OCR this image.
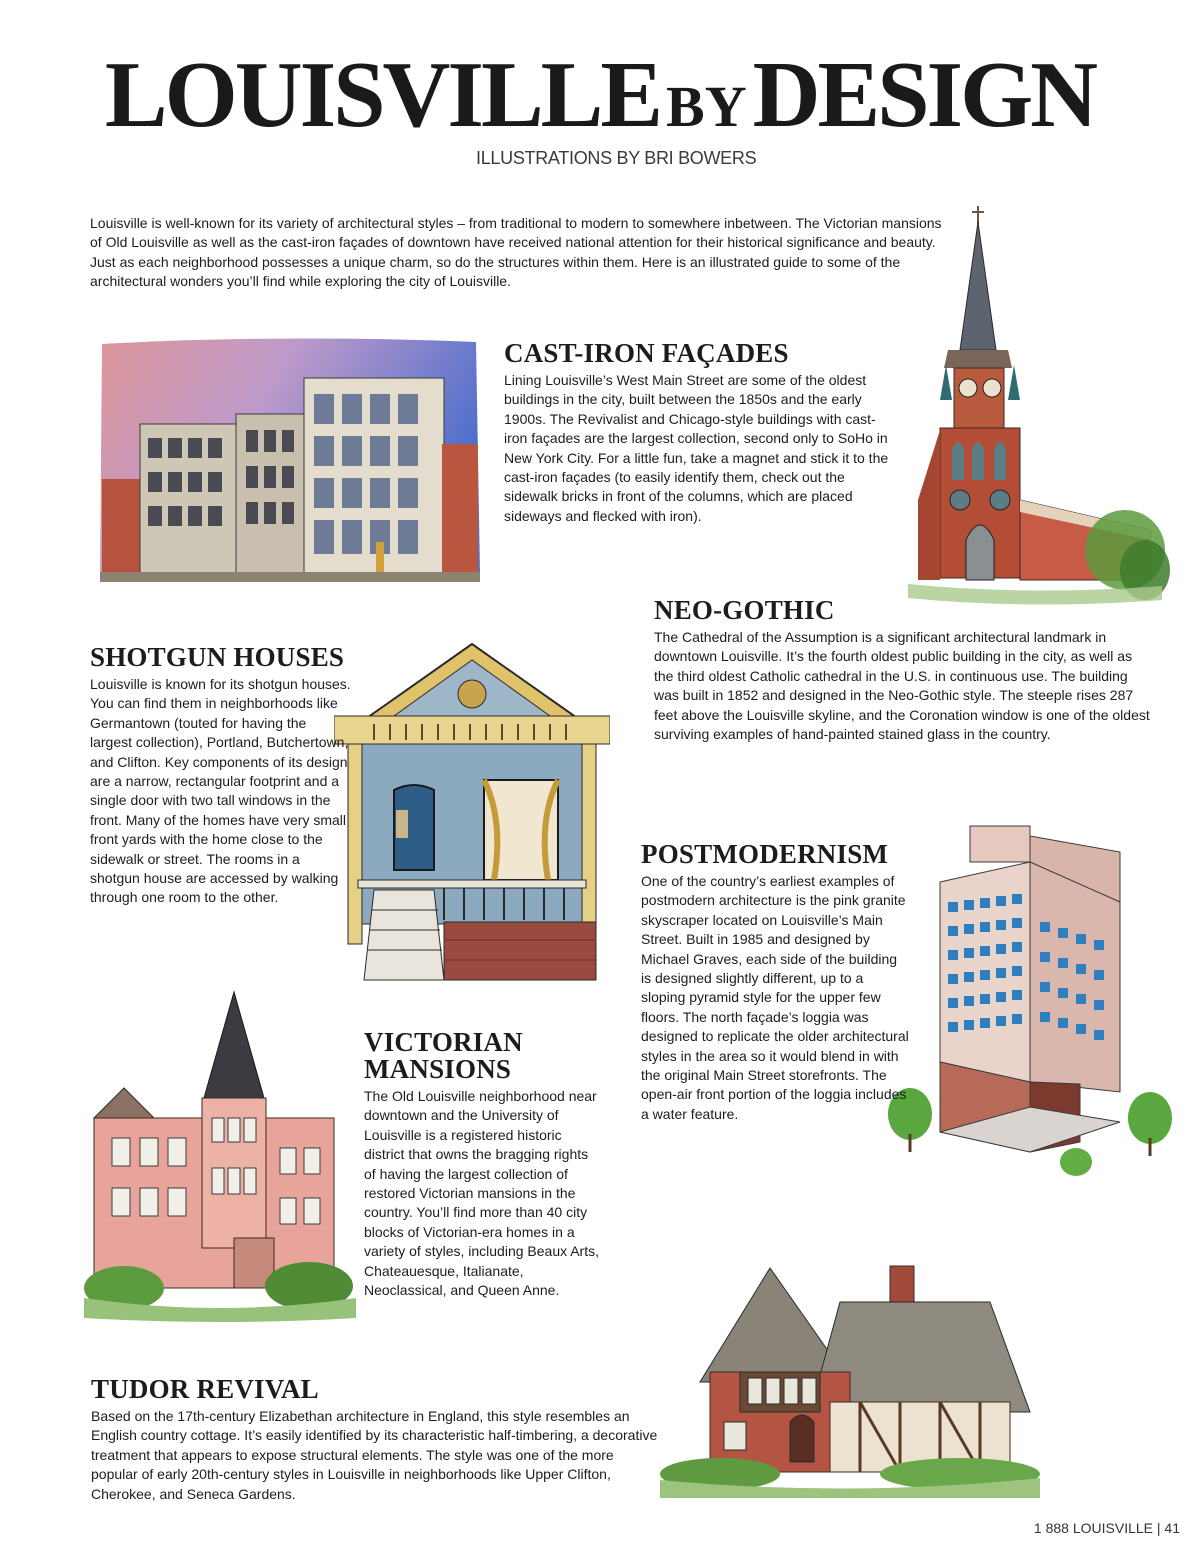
LOUISVILLE BYDESIGN
ILLUSTRATIONS BY BRI BOWERS
Louisville is well-known for its variety of architectural styles – from traditional to modern to somewhere inbetween. The Victorian mansions of Old Louisville as well as the cast-iron façades of downtown have received national attention for their historical significance and beauty. Just as each neighborhood possesses a unique charm, so do the structures within them. Here is an illustrated guide to some of the architectural wonders you’ll find while exploring the city of Louisville.
CAST-IRON FAÇADES
Lining Louisville’s West Main Street are some of the oldest buildings in the city, built between the 1850s and the early 1900s. The Revivalist and Chicago-style buildings with cast-iron façades are the largest collection, second only to SoHo in New York City. For a little fun, take a magnet and stick it to the cast-iron façades (to easily identify them, check out the sidewalk bricks in front of the columns, which are placed sideways and flecked with iron).
NEO-GOTHIC
The Cathedral of the Assumption is a significant architectural landmark in downtown Louisville. It’s the fourth oldest public building in the city, as well as the third oldest Catholic cathedral in the U.S. in continuous use. The building was built in 1852 and designed in the Neo-Gothic style. The steeple rises 287 feet above the Louisville skyline, and the Coronation window is one of the oldest surviving examples of hand-painted stained glass in the country.
SHOTGUN HOUSES
Louisville is known for its shotgun houses. You can find them in neighborhoods like Germantown (touted for having the largest collection), Portland, Butchertown, and Clifton. Key components of its design are a narrow, rectangular footprint and a single door with two tall windows in the front. Many of the homes have very small front yards with the home close to the sidewalk or street. The rooms in a shotgun house are accessed by walking through one room to the other.
POSTMODERNISM
One of the country’s earliest examples of postmodern architecture is the pink granite skyscraper located on Louisville’s Main Street. Built in 1985 and designed by Michael Graves, each side of the building is designed slightly different, up to a sloping pyramid style for the upper few floors. The north façade’s loggia was designed to replicate the older architectural styles in the area so it would blend in with the original Main Street storefronts. The open-air front portion of the loggia includes a water feature.
VICTORIAN
MANSIONS
The Old Louisville neighborhood near downtown and the University of Louisville is a registered historic district that owns the bragging rights of having the largest collection of restored Victorian mansions in the country. You’ll find more than 40 city blocks of Victorian-era homes in a variety of styles, including Beaux Arts, Chateauesque, Italianate, Neoclassical, and Queen Anne.
TUDOR REVIVAL
Based on the 17th-century Elizabethan architecture in England, this style resembles an English country cottage. It’s easily identified by its characteristic half-timbering, a decorative treatment that appears to expose structural elements. The style was one of the more popular of early 20th-century styles in Louisville in neighborhoods like Upper Clifton, Cherokee, and Seneca Gardens.
1 888 LOUISVILLE | 41
